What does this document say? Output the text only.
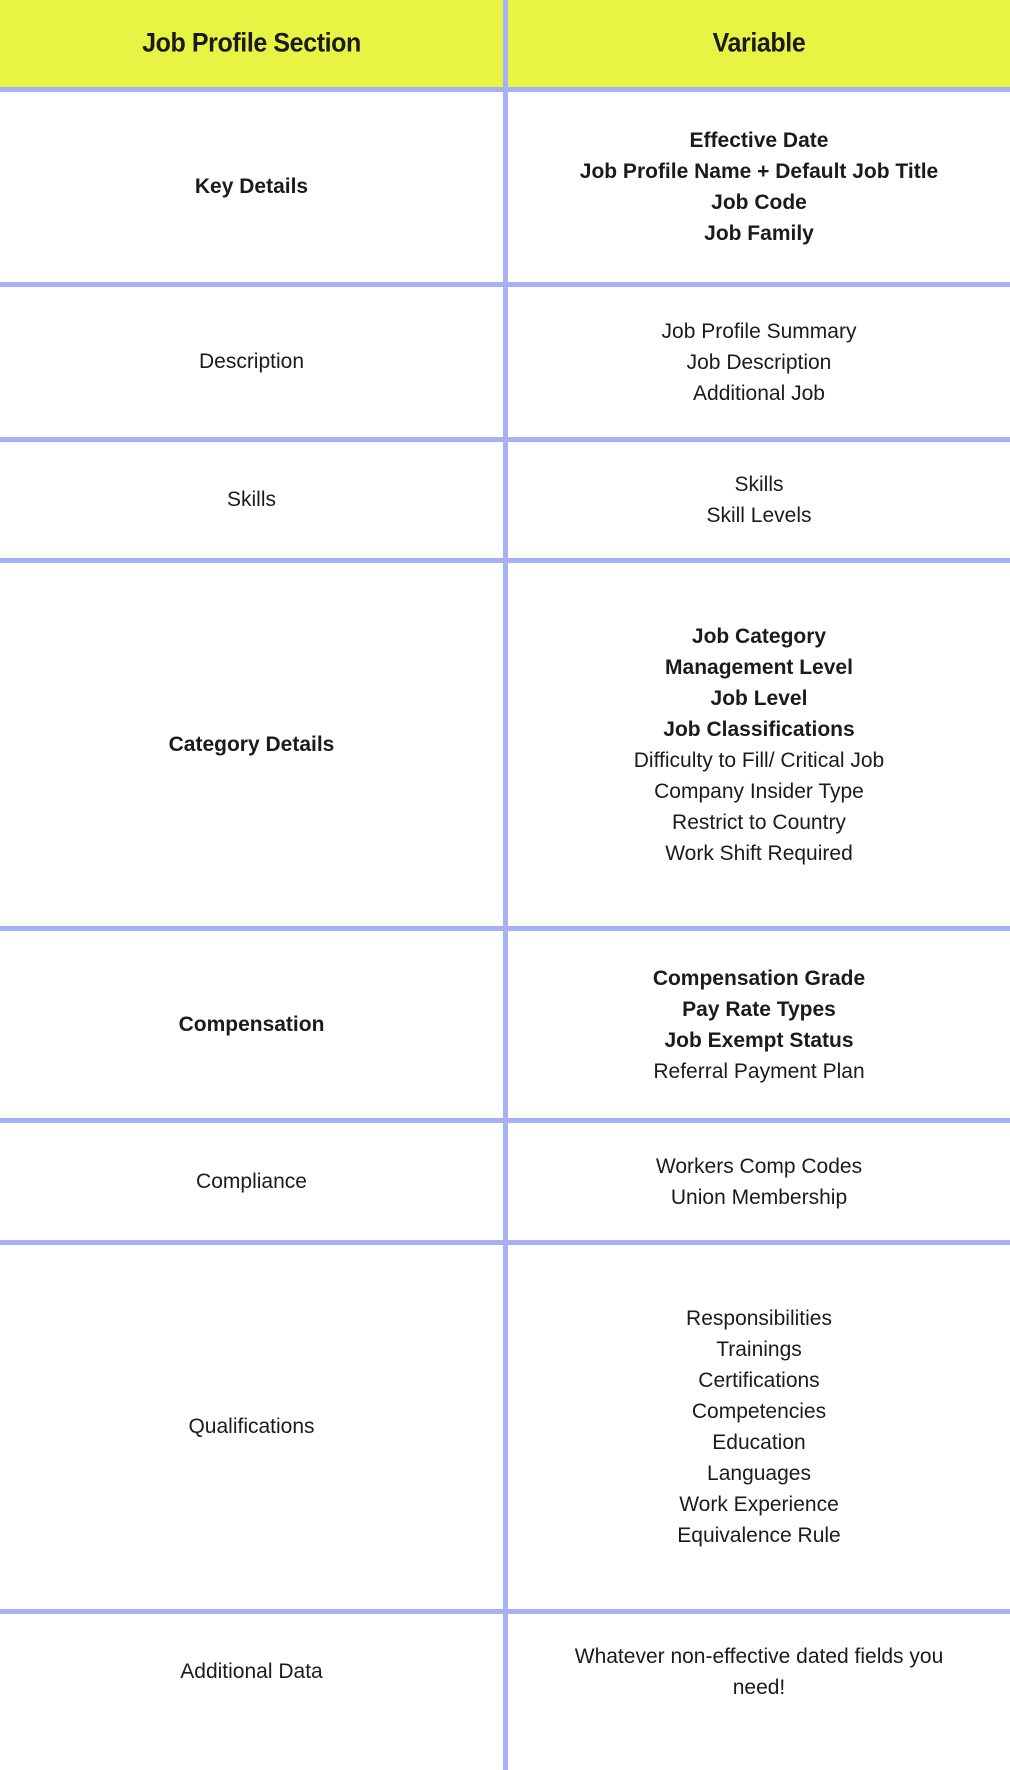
Job Profile Section	Variable
Key Details
Effective Date
Job Profile Name + Default Job Title
Job Code
Job Family
Description
Job Profile Summary
Job Description
Additional Job
Skills
Skills
Skill Levels
Category Details
Job Category
Management Level
Job Level
Job Classifications
Difficulty to Fill/ Critical Job
Company Insider Type
Restrict to Country
Work Shift Required
Compensation
Compensation Grade
Pay Rate Types
Job Exempt Status
Referral Payment Plan
Compliance
Workers Comp Codes
Union Membership
Qualifications
Responsibilities
Trainings
Certifications
Competencies
Education
Languages
Work Experience
Equivalence Rule
Additional Data
Whatever non-effective dated fields you need!
